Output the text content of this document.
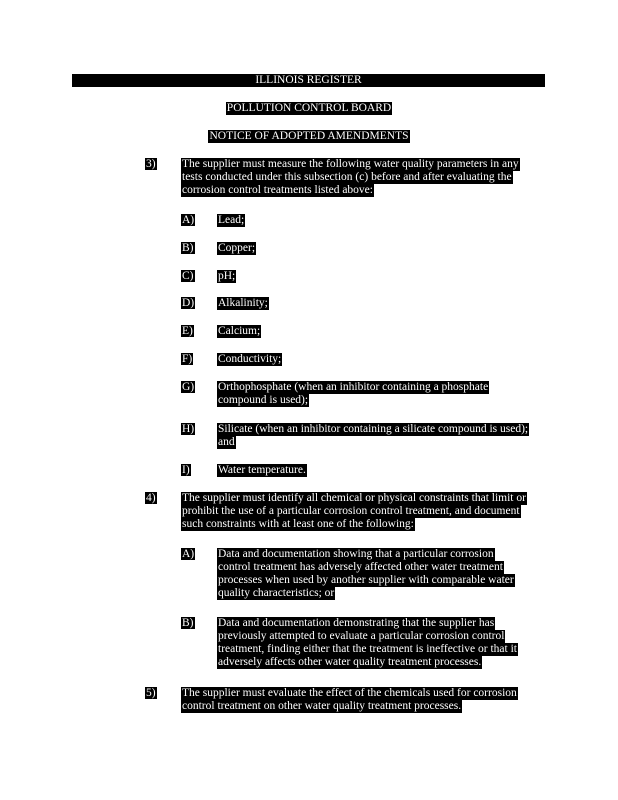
ILLINOIS REGISTER
POLLUTION CONTROL BOARD
NOTICE OF ADOPTED AMENDMENTS
3) The supplier must measure the following water quality parameters in any
tests conducted under this subsection (c) before and after evaluating the
corrosion control treatments listed above:
A) Lead;
B) Copper;
C) pH;
D) Alkalinity;
E) Calcium;
F) Conductivity;
G) Orthophosphate (when an inhibitor containing a phosphate
compound is used);
H) Silicate (when an inhibitor containing a silicate compound is used);
and
I) Water temperature.
4) The supplier must identify all chemical or physical constraints that limit or
prohibit the use of a particular corrosion control treatment, and document
such constraints with at least one of the following:
A) Data and documentation showing that a particular corrosion
control treatment has adversely affected other water treatment
processes when used by another supplier with comparable water
quality characteristics; or
B) Data and documentation demonstrating that the supplier has
previously attempted to evaluate a particular corrosion control
treatment, finding either that the treatment is ineffective or that it
adversely affects other water quality treatment processes.
5) The supplier must evaluate the effect of the chemicals used for corrosion
control treatment on other water quality treatment processes.
